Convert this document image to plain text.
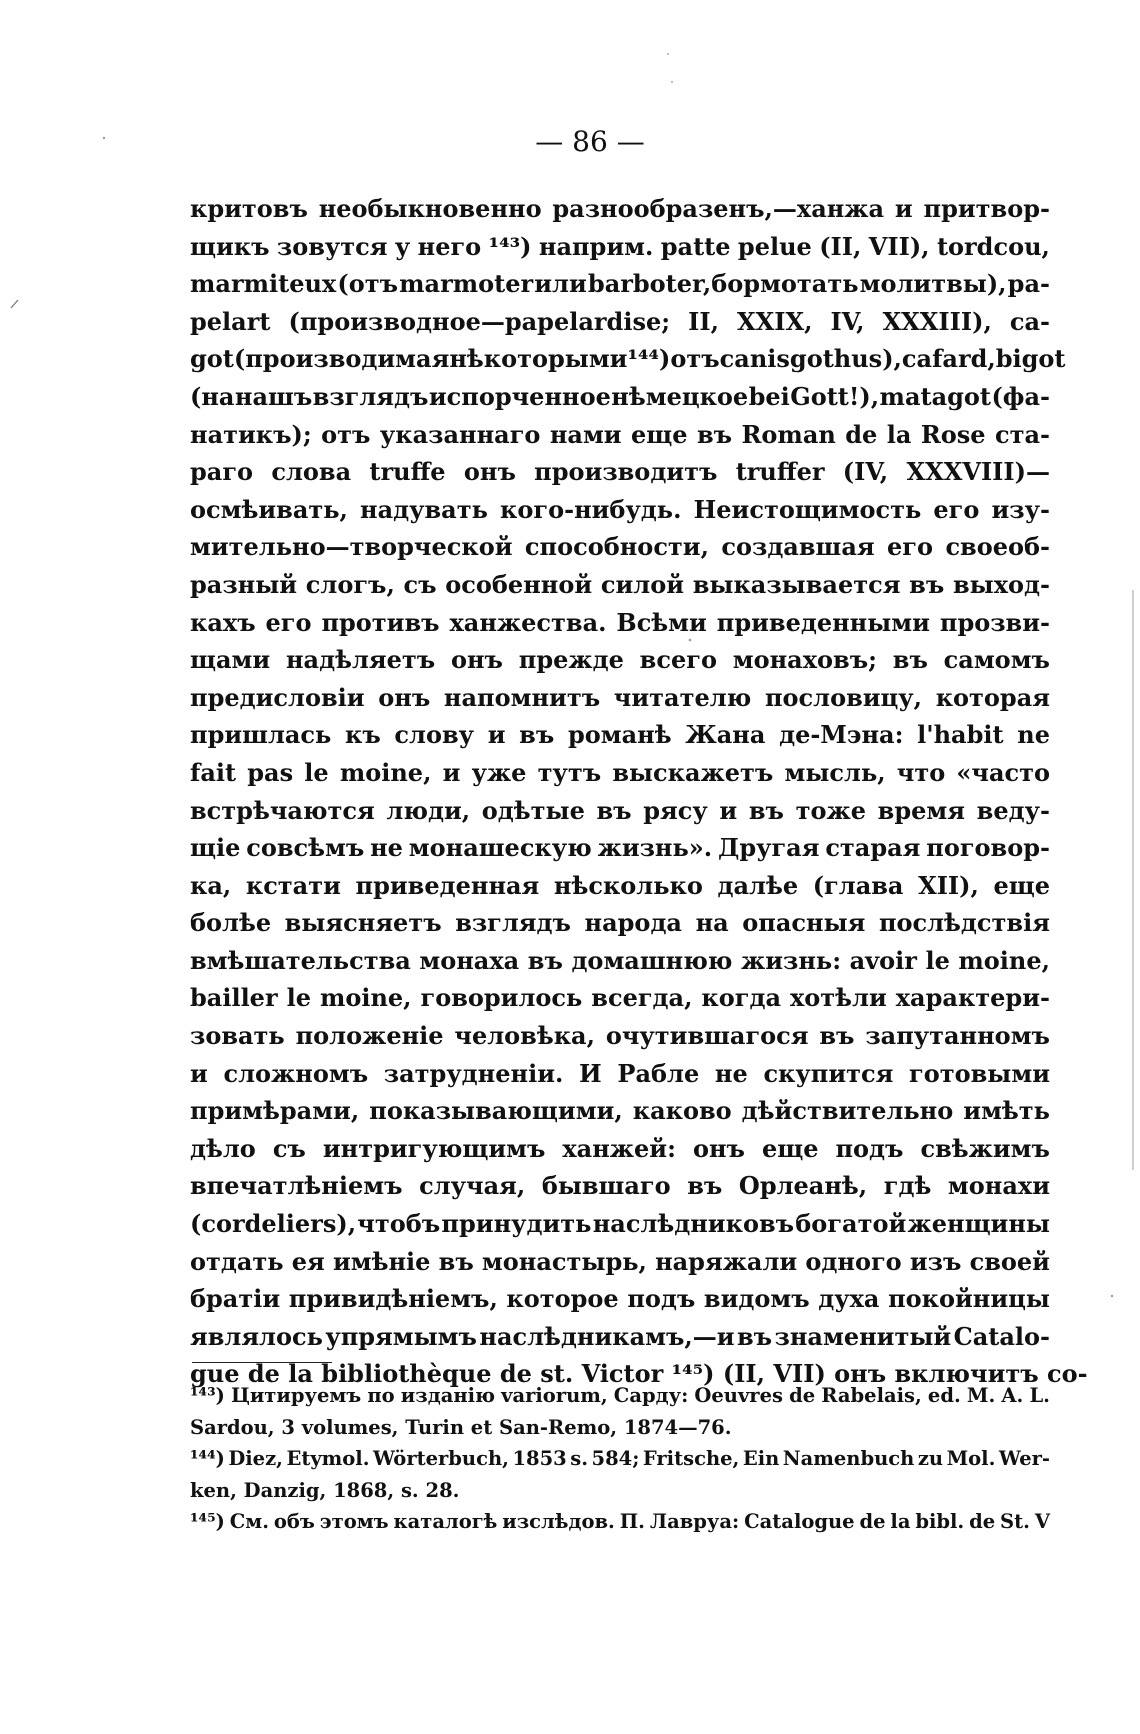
— 86 —
критовъ необыкновенно разнообразенъ,—ханжа и притвор-
щикъ зовутся у него ¹⁴³) наприм. patte pelue (II, VII), tordcou,
marmiteux (отъ marmoter или barboter,бормотать молитвы), pa-
pelart (производное—papelardise; II, XXIX, IV, XXXIII), ca-
got (производимая нѣкоторыми ¹⁴⁴) отъ canis gothus), cafard, bigot
(на нашъ взглядъ испорченное нѣмецкое bei Gott!), matagot (фа-
натикъ); отъ указаннаго нами еще въ Roman de la Rose ста-
раго слова truffe онъ производитъ truffer (IV, XXXVIII)—
осмѣивать, надувать кого-нибудь. Неистощимость его изу-
мительно—творческой способности, создавшая его своеоб-
разный слогъ, съ особенной силой выказывается въ выход-
кахъ его противъ ханжества. Всѣми приведенными прозви-
щами надѣляетъ онъ прежде всего монаховъ; въ самомъ
предисловіи онъ напомнитъ читателю пословицу, которая
пришлась къ слову и въ романѣ Жана де-Мэна: l'habit ne
fait pas le moine, и уже тутъ выскажетъ мысль, что «часто
встрѣчаются люди, одѣтые въ рясу и въ тоже время веду-
щіе совсѣмъ не монашескую жизнь». Другая старая поговор-
ка, кстати приведенная нѣсколько далѣе (глава XII), еще
болѣе выясняетъ взглядъ народа на опасныя послѣдствія
вмѣшательства монаха въ домашнюю жизнь: avoir le moine,
bailler le moine, говорилось всегда, когда хотѣли характери-
зовать положеніе человѣка, очутившагося въ запутанномъ
и сложномъ затрудненіи. И Рабле не скупится готовыми
примѣрами, показывающими, каково дѣйствительно имѣть
дѣло съ интригующимъ ханжей: онъ еще подъ свѣжимъ
впечатлѣніемъ случая, бывшаго въ Орлеанѣ, гдѣ монахи
(cordeliers), чтобъ принудить наслѣдниковъ богатой женщины
отдать ея имѣніе въ монастырь, наряжали одного изъ своей
братіи привидѣніемъ, которое подъ видомъ духа покойницы
являлось упрямымъ наслѣдникамъ,—и въ знаменитый Catalo-
gue de la bibliothèque de st. Victor ¹⁴⁵) (II, VII) онъ включитъ со-
¹⁴³) Цитируемъ по изданію variorum, Сарду: Oeuvres de Rabelais, ed. M. A. L.
Sardou, 3 volumes, Turin et San-Remo, 1874—76.
¹⁴⁴) Diez, Etymol. Wörterbuch, 1853 s. 584; Fritsche, Ein Namenbuch zu Mol. Wer-
ken, Danzig, 1868, s. 28.
¹⁴⁵) См. объ этомъ каталогѣ изслѣдов. П. Лавруа: Catalogue de la bibl. de St. V
